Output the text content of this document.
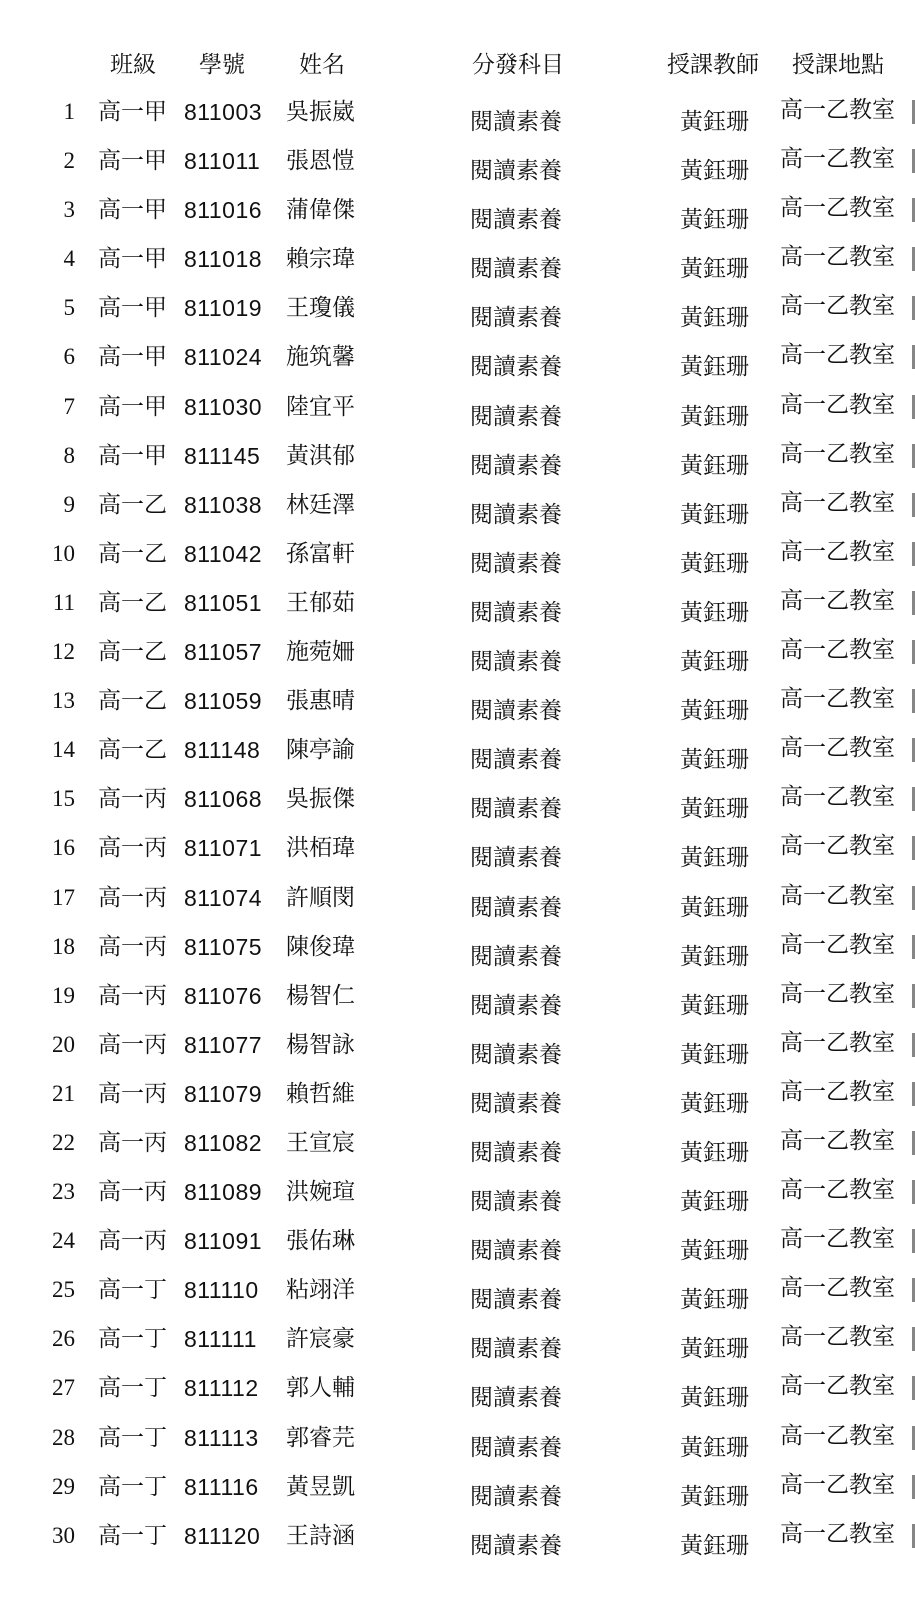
班級 學號 姓名	分發科目	授課教師 授課地點
1 高一甲 811003 吳振崴	閱讀素養	黃鈺珊 高一乙教室
2 高一甲 811011 張恩愷	閱讀素養	黃鈺珊 高一乙教室
3 高一甲 811016 蒲偉傑	閱讀素養	黃鈺珊 高一乙教室
4 高一甲 811018 賴宗瑋	閱讀素養	黃鈺珊 高一乙教室
5 高一甲 811019 王瓊儀	閱讀素養	黃鈺珊 高一乙教室
6 高一甲 811024 施筑馨	閱讀素養	黃鈺珊 高一乙教室
7 高一甲 811030 陸宜平	閱讀素養	黃鈺珊 高一乙教室
8 高一甲 811145 黃淇郁	閱讀素養	黃鈺珊 高一乙教室
9 高一乙 811038 林廷澤	閱讀素養	黃鈺珊 高一乙教室
10 高一乙 811042 孫富軒	閱讀素養	黃鈺珊 高一乙教室
11 高一乙 811051 王郁茹	閱讀素養	黃鈺珊 高一乙教室
12 高一乙 811057 施菀姍	閱讀素養	黃鈺珊 高一乙教室
13 高一乙 811059 張惠晴	閱讀素養	黃鈺珊 高一乙教室
14 高一乙 811148 陳亭諭	閱讀素養	黃鈺珊 高一乙教室
15 高一丙 811068 吳振傑	閱讀素養	黃鈺珊 高一乙教室
16 高一丙 811071 洪栢瑋	閱讀素養	黃鈺珊 高一乙教室
17 高一丙 811074 許順閔	閱讀素養	黃鈺珊 高一乙教室
18 高一丙 811075 陳俊瑋	閱讀素養	黃鈺珊 高一乙教室
19 高一丙 811076 楊智仁	閱讀素養	黃鈺珊 高一乙教室
20 高一丙 811077 楊智詠	閱讀素養	黃鈺珊 高一乙教室
21 高一丙 811079 賴哲維	閱讀素養	黃鈺珊 高一乙教室
22 高一丙 811082 王宣宸	閱讀素養	黃鈺珊 高一乙教室
23 高一丙 811089 洪婉瑄	閱讀素養	黃鈺珊 高一乙教室
24 高一丙 811091 張佑琳	閱讀素養	黃鈺珊 高一乙教室
25 高一丁 811110 粘翊洋	閱讀素養	黃鈺珊 高一乙教室
26 高一丁 811111 許宸豪	閱讀素養	黃鈺珊 高一乙教室
27 高一丁 811112 郭人輔	閱讀素養	黃鈺珊 高一乙教室
28 高一丁 811113 郭睿芫	閱讀素養	黃鈺珊 高一乙教室
29 高一丁 811116 黃昱凱	閱讀素養	黃鈺珊 高一乙教室
30 高一丁 811120 王詩涵	閱讀素養	黃鈺珊 高一乙教室
